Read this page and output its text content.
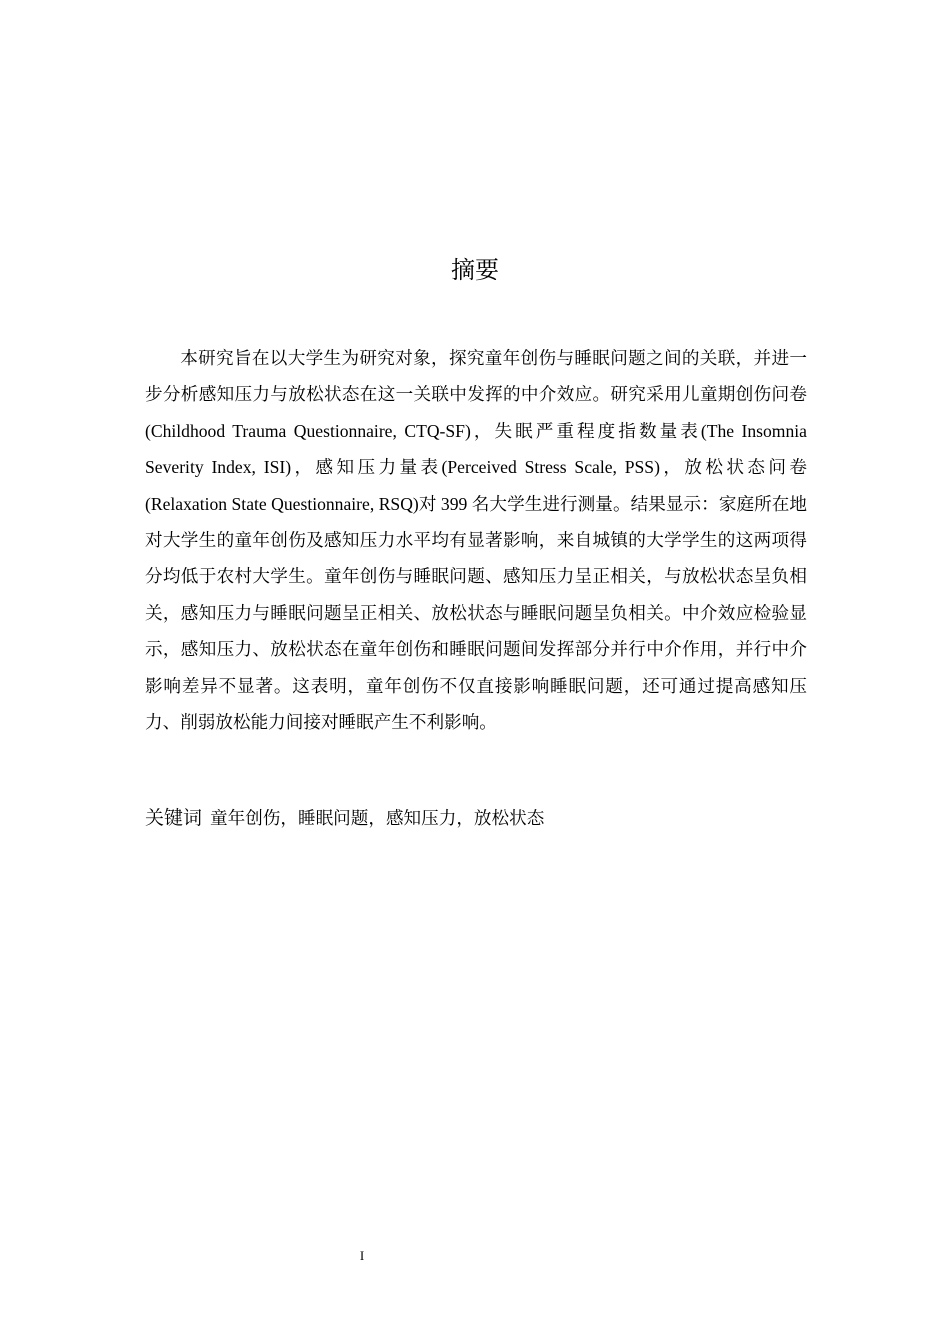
摘要

本研究旨在以大学生为研究对象，探究童年创伤与睡眠问题之间的关联，并进一步分析感知压力与放松状态在这一关联中发挥的中介效应。研究采用儿童期创伤问卷(Childhood Trauma Questionnaire, CTQ-SF)，失眠严重程度指数量表(The Insomnia Severity Index, ISI)，感知压力量表(Perceived Stress Scale, PSS)，放松状态问卷(Relaxation State Questionnaire, RSQ)对 399 名大学生进行测量。结果显示：家庭所在地对大学生的童年创伤及感知压力水平均有显著影响，来自城镇的大学学生的这两项得分均低于农村大学生。童年创伤与睡眠问题、感知压力呈正相关，与放松状态呈负相关，感知压力与睡眠问题呈正相关、放松状态与睡眠问题呈负相关。中介效应检验显示，感知压力、放松状态在童年创伤和睡眠问题间发挥部分并行中介作用，并行中介影响差异不显著。这表明，童年创伤不仅直接影响睡眠问题，还可通过提高感知压力、削弱放松能力间接对睡眠产生不利影响。

关键词 童年创伤，睡眠问题，感知压力，放松状态

I
